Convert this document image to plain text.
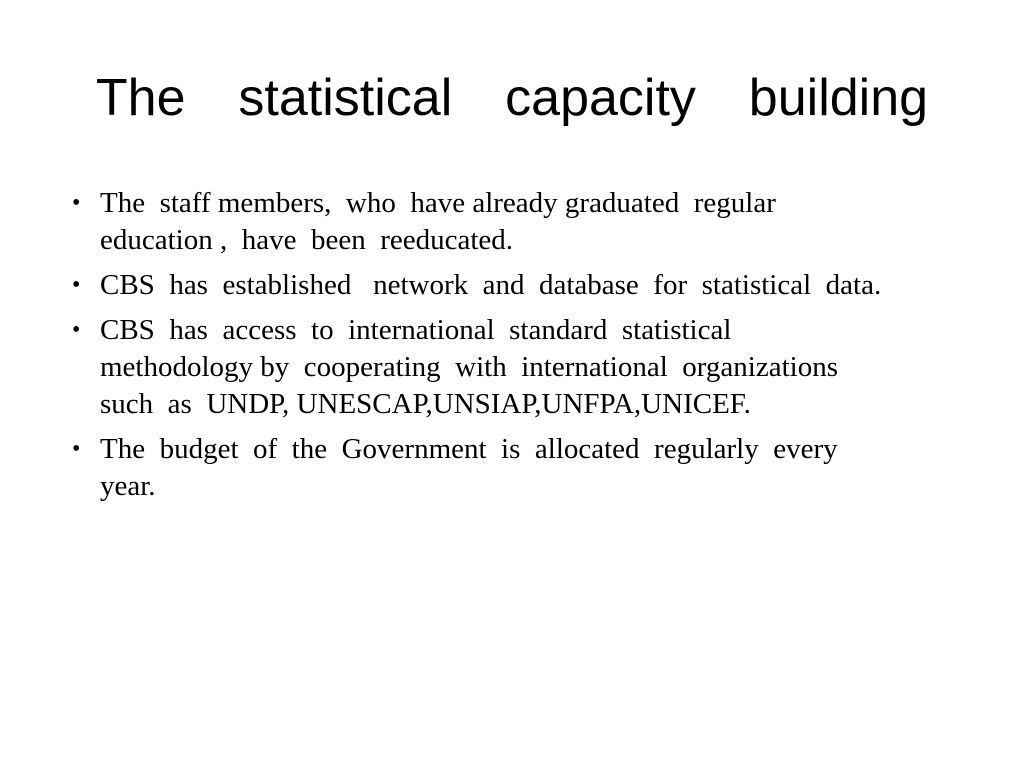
The  statistical  capacity  building
• The  staff members,  who  have already graduated  regular
education ,  have  been  reeducated.
• CBS  has  established   network  and  database  for  statistical  data.
• CBS  has  access  to  international  standard  statistical
methodology by  cooperating  with  international  organizations
such  as  UNDP, UNESCAP,UNSIAP,UNFPA,UNICEF.
• The  budget  of  the  Government  is  allocated  regularly  every
year.
